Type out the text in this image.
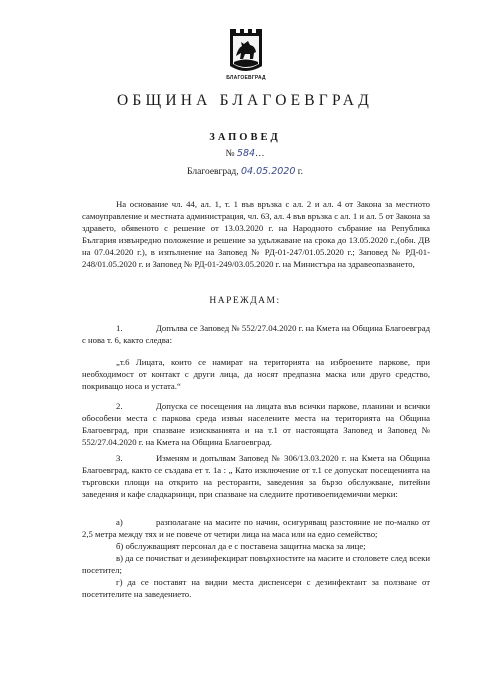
БЛАГОЕВГРАД
ОБЩИНА БЛАГОЕВГРАД
ЗАПОВЕД
№ 584…
Благоевград, 04.05.2020 г.
На основание чл. 44, ал. 1, т. 1 във връзка с ал. 2 и ал. 4 от Закона за местното самоуправление и местната администрация, чл. 63, ал. 4 във връзка с ал. 1 и ал. 5 от Закона за здравето, обявеното с решение от 13.03.2020 г. на Народното събрание на Република България извънредно положение и решение за удължаване на срока до 13.05.2020 г.,(обн. ДВ на 07.04.2020 г.), в изпълнение на Заповед № РД-01-247/01.05.2020 г.; Заповед № РД-01-248/01.05.2020 г. и Заповед № РД-01-249/03.05.2020 г. на Министъра на здравеопазването,
НАРЕЖДАМ:
1.	Допълва се Заповед № 552/27.04.2020 г. на Кмета на Община Благоевград с нова т. 6, както следва:
„т.6 Лицата, които се намират на територията на изброените паркове, при необходимост от контакт с други лица, да носят предпазна маска или друго средство, покриващо носа и устата.“
2.	Допуска се посещения на лицата във всички паркове, планини и всички обособени места с паркова среда извън населените места на територията на Община Благоевград, при спазване изискванията и на т.1 от настоящата Заповед и Заповед № 552/27.04.2020 г. на Кмета на Община Благоевград.
3.	Изменям и допълвам Заповед № 306/13.03.2020 г. на Кмета на Община Благоевград, както се създава ет т. 1а : „ Като изключение от т.1 се допускат посещенията на търговски площи на открито на ресторанти, заведения за бързо обслужване, питейни заведения и кафе сладкарници, при спазване на следните противоепидемични мерки:
а)	разполагане на масите по начин, осигуряващ разстояние не по-малко от 2,5 метра между тях и не повече от четири лица на маса или на едно семейство;
б) обслужващият персонал да е с поставена защитна маска за лице;
в) да се почистват и дезинфекцират повърхностите на масите и столовете след всеки посетител;
г) да се поставят на видни места диспенсери с дезинфектант за ползване от посетителите на заведението.
